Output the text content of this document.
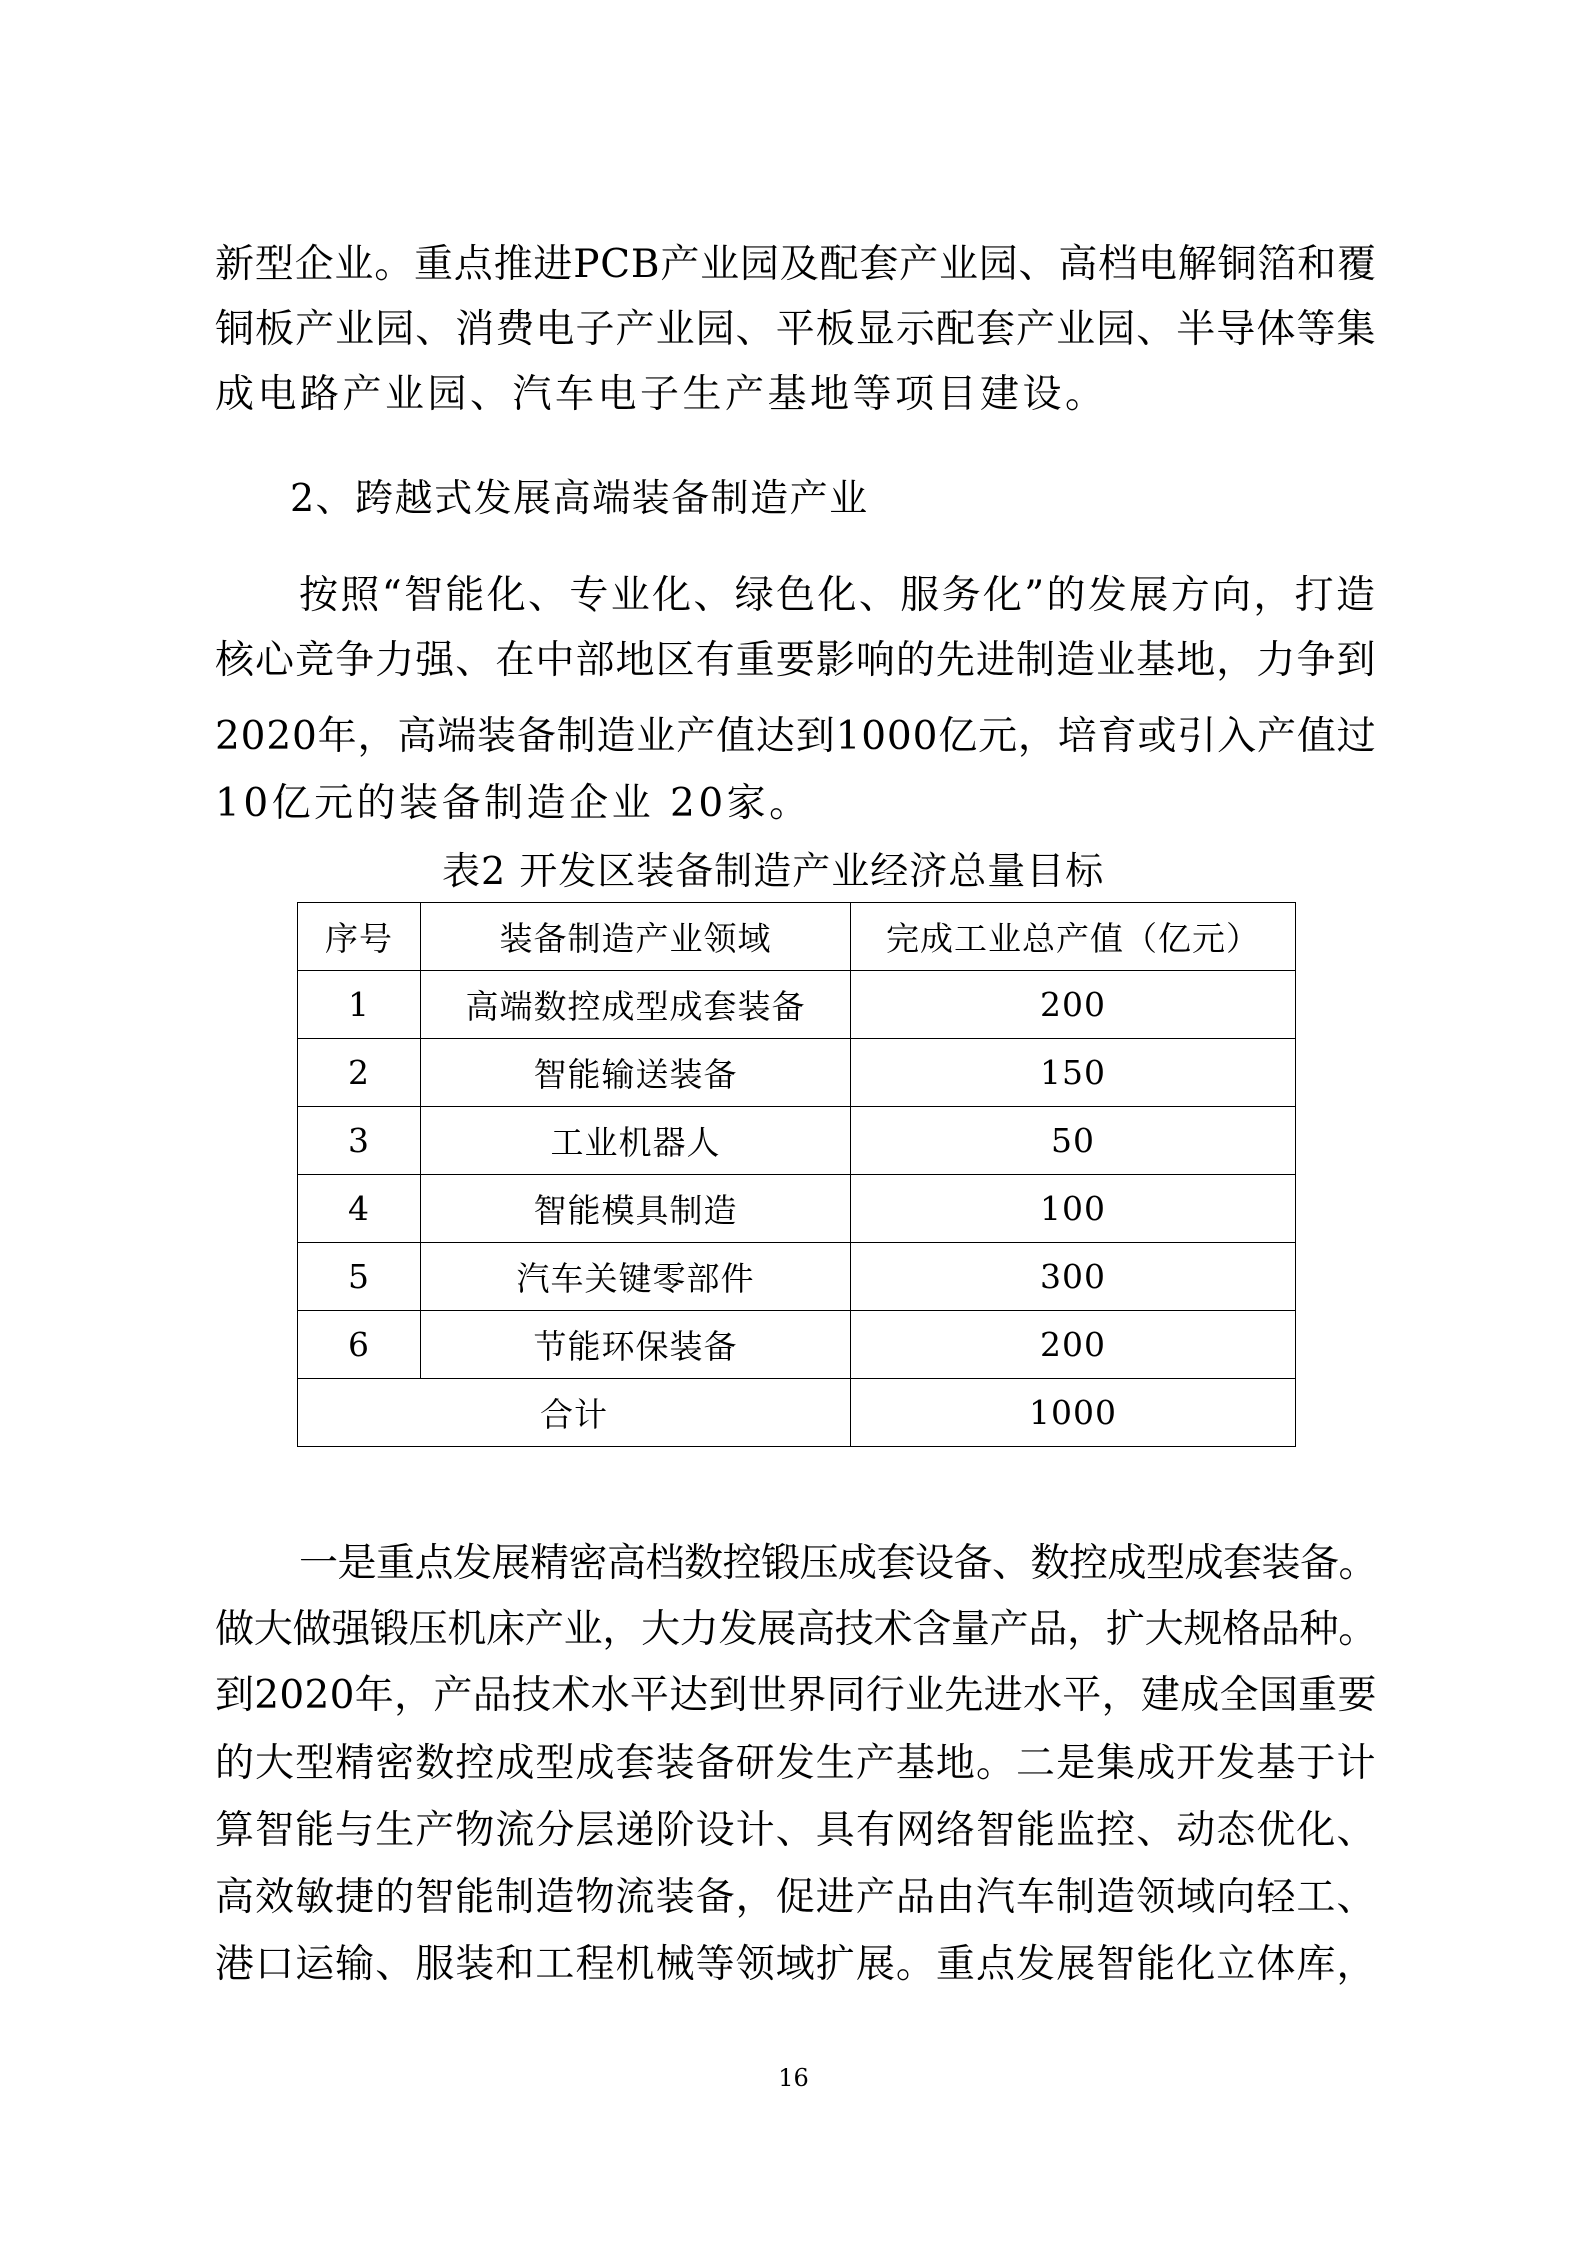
新型企业。重点推进PCB产业园及配套产业园、高档电解铜箔和覆

铜板产业园、消费电子产业园、平板显示配套产业园、半导体等集

成电路产业园、汽车电子生产基地等项目建设。

2、跨越式发展高端装备制造产业

按照“智能化、专业化、绿色化、服务化”的发展方向，打造

核心竞争力强、在中部地区有重要影响的先进制造业基地，力争到

2020年，高端装备制造业产值达到1000亿元，培育或引入产值过

10亿元的装备制造企业 20家。

表2 开发区装备制造产业经济总量目标

序号	装备制造产业领域	完成工业总产值（亿元）
1	高端数控成型成套装备	200
2	智能输送装备	150
3	工业机器人	50
4	智能模具制造	100
5	汽车关键零部件	300
6	节能环保装备	200
合计		1000

一是重点发展精密高档数控锻压成套设备、数控成型成套装备。

做大做强锻压机床产业，大力发展高技术含量产品，扩大规格品种。

到2020年，产品技术水平达到世界同行业先进水平，建成全国重要

的大型精密数控成型成套装备研发生产基地。二是集成开发基于计

算智能与生产物流分层递阶设计、具有网络智能监控、动态优化、

高效敏捷的智能制造物流装备，促进产品由汽车制造领域向轻工、

港口运输、服装和工程机械等领域扩展。重点发展智能化立体库，

16
